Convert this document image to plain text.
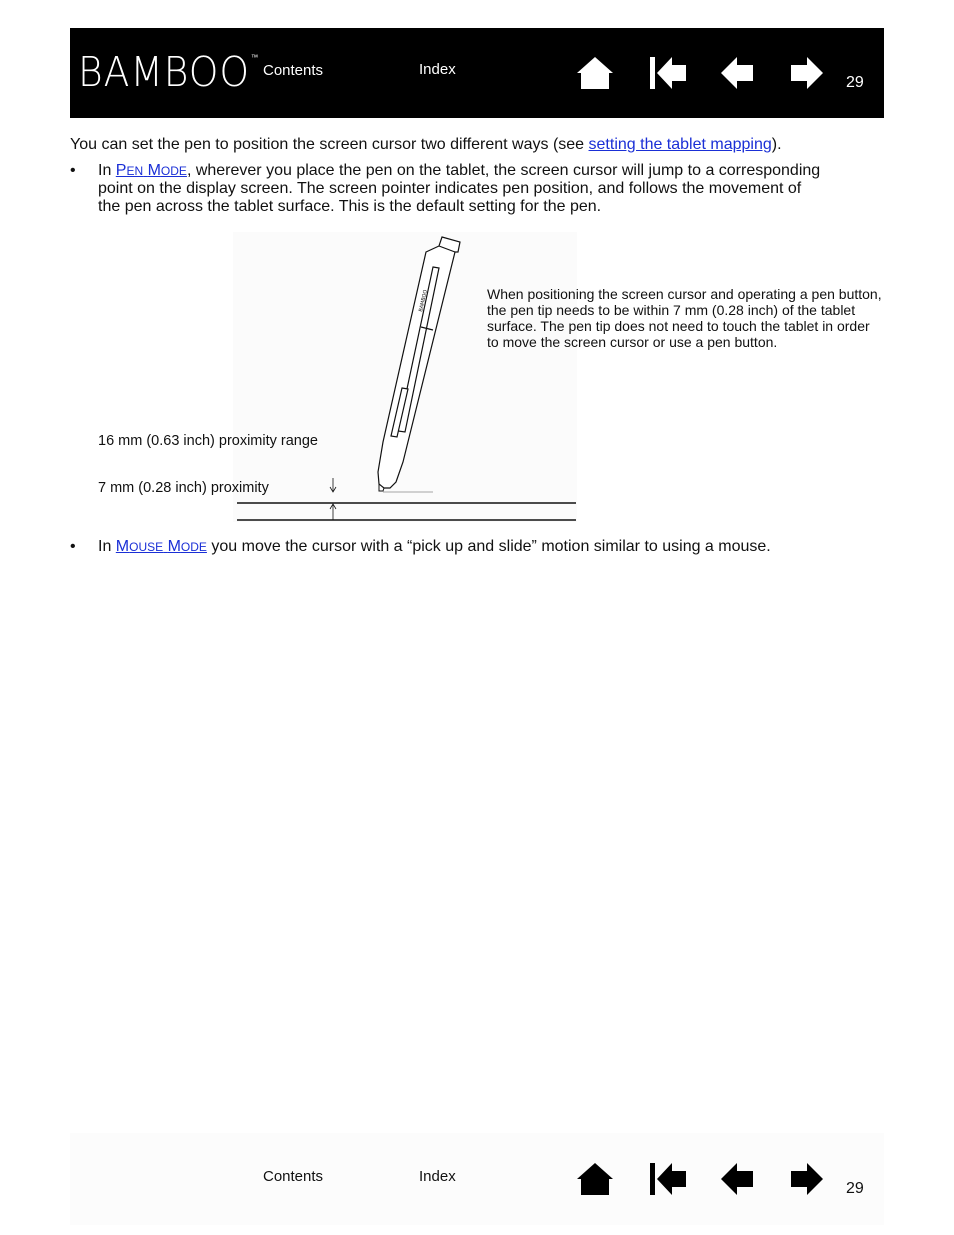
BAMBOO™
Contents	Index
29
You can set the pen to position the screen cursor two different ways (see setting the tablet mapping).
• In PEN MODE, wherever you place the pen on the tablet, the screen cursor will jump to a corresponding
point on the display screen. The screen pointer indicates pen position, and follows the movement of
the pen across the tablet surface. This is the default setting for the pen.
• In MOUSE MODE you move the cursor with a “pick up and slide” motion similar to using a mouse.
BAMBOO	When positioning the screen cursor and operating a pen button, the pen tip needs to be within 7 mm (0.28 inch) of the tablet surface. The pen tip does not need to touch the tablet in order to move the screen cursor or use a pen button.
16 mm (0.63 inch) proximity range
7 mm (0.28 inch) proximity
Contents	Index
29
